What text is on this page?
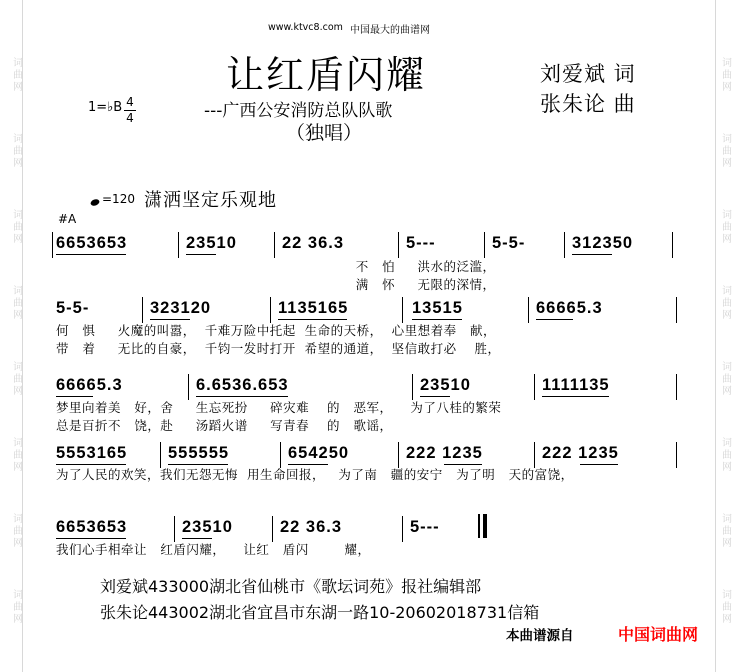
www.ktvc8.com 中国最大的曲谱网
让红盾闪耀
---广西公安消防总队队歌
（独唱）
刘爱斌 词
张朱论 曲
1=♭B 4
4
=120 潇洒坚定乐观地
#A
6653653	23510	22 36.3	5---	5-5-	312350
不   怕     洪水的泛滥，
满   怀     无限的深情，
5-5-	323120	1135165	13515	66665.3
何   惧     火魔的叫嚣，  千难万险中托起  生命的天桥，  心里想着奉   献，
带   着     无比的自豪，  千钧一发时打开  希望的通道，  坚信敢打必    胜，
66665.3	6.6536.653	23510	1111135
梦里向着美   好，舍     生忘死扮     碎灾难    的   恶军，    为了八桂的繁荣
总是百折不   饶，赴     汤蹈火谱     写青春    的   歌谣，
5553165 555555	654250	222 1235	222 1235
为了人民的欢笑，我们无怨无悔  用生命回报，   为了南   疆的安宁   为了明   天的富饶，
6653653	23510	22 36.3	5---
我们心手相牵让   红盾闪耀，    让红   盾闪        耀，
刘爱斌433000湖北省仙桃市《歌坛词苑》报社编辑部
张朱论443002湖北省宜昌市东湖一路10-20602018731信箱
本曲谱源自	中国词曲网
词
曲
网
词
曲
网
词
曲
网
词
曲
网
词
曲
网
词
曲
网
词
曲
网
词
曲
网
词
曲
网
词
曲
网
词
曲
网
词
曲
网
词
曲
网
词
曲
网
词
曲
网
词
曲
网
